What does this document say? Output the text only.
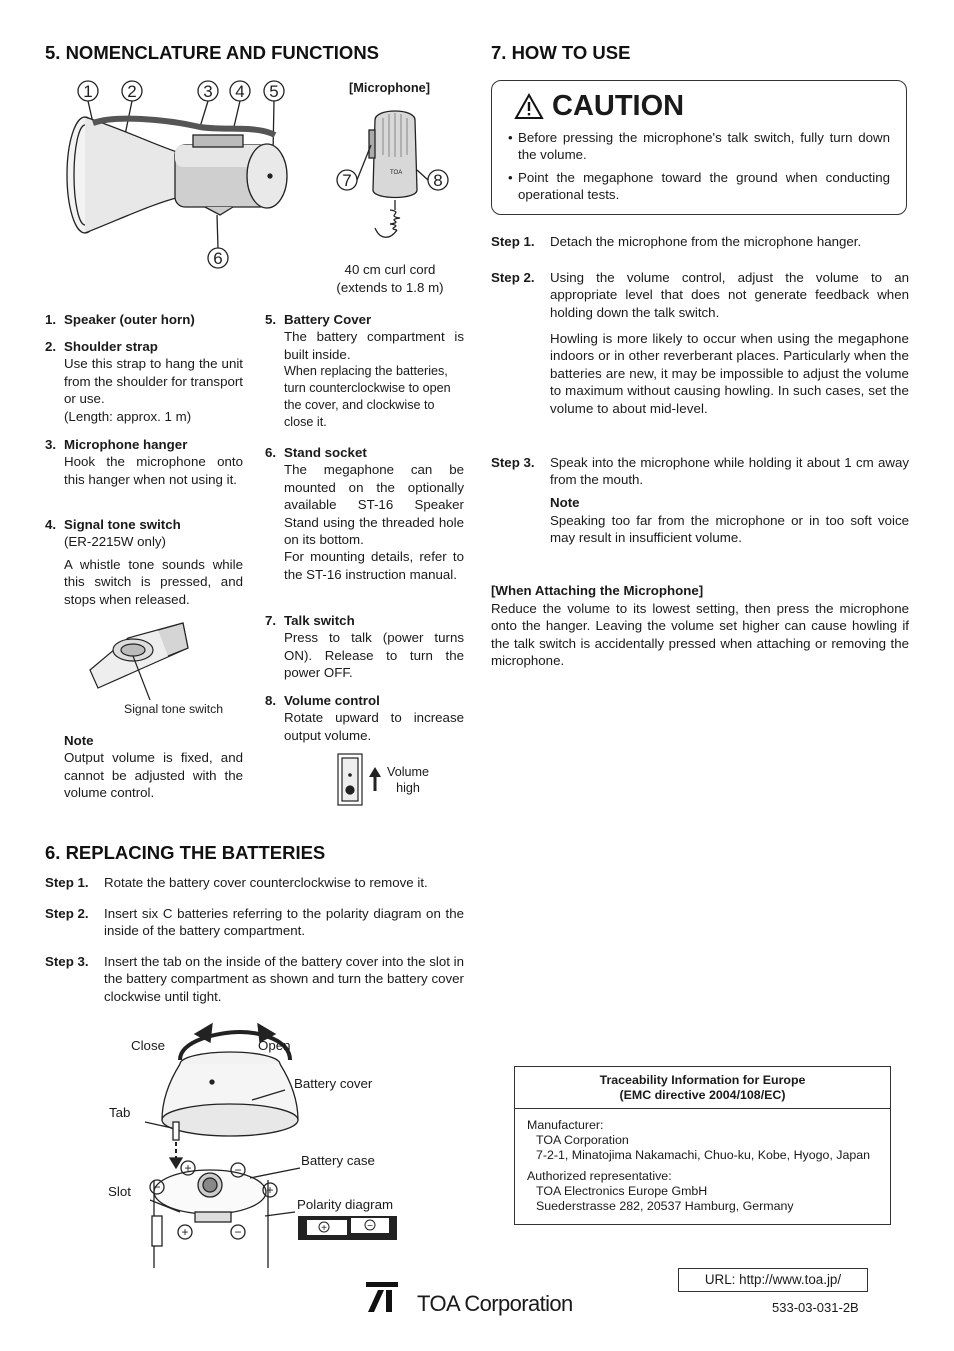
5. NOMENCLATURE AND FUNCTIONS
1 2	3 4 5
6
[Microphone]
7	8
TOA
40 cm curl cord
(extends to 1.8 m)
1. Speaker (outer horn)
2. Shoulder strap
Use this strap to hang the unit from the shoulder for transport or use.
(Length: approx. 1 m)
3. Microphone hanger
Hook the microphone onto this hanger when not using it.
4. Signal tone switch
(ER-2215W only)
A whistle tone sounds while this switch is pressed, and stops when released.
Signal tone switch
Note
Output volume is fixed, and cannot be adjusted with the volume control.
5. Battery Cover
The battery compartment is built inside.
When replacing the batteries, turn counterclockwise to open the cover, and clockwise to close it.
6. Stand socket
The megaphone can be mounted on the optionally available ST-16 Speaker Stand using the threaded hole on its bottom.
For mounting details, refer to the ST-16 instruction manual.
7. Talk switch
Press to talk (power turns ON). Release to turn the power OFF.
8. Volume control
Rotate upward to increase output volume.
Volume
high
6. REPLACING THE BATTERIES
Step 1. Rotate the battery cover counterclockwise to remove it.
Step 2. Insert six C batteries referring to the polarity diagram on the inside of the battery compartment.
Step 3. Insert the tab on the inside of the battery cover into the slot in the battery compartment as shown and turn the battery cover clockwise until tight.
+	−
−	+
+	−
Close	Open
Battery cover
Tab
Battery case
Slot
Polarity diagram
+	−
7. HOW TO USE
CAUTION
• Before pressing the microphone's talk switch, fully turn down the volume.
• Point the megaphone toward the ground when conducting operational tests.
Step 1. Detach the microphone from the microphone hanger.
Step 2. Using the volume control, adjust the volume to an appropriate level that does not generate feedback when holding down the talk switch.
Howling is more likely to occur when using the megaphone indoors or in other reverberant places. Particularly when the batteries are new, it may be impossible to adjust the volume to maximum without causing howling. In such cases, set the volume to about mid-level.
Step 3. Speak into the microphone while holding it about 1 cm away from the mouth.
Note
Speaking too far from the microphone or in too soft voice may result in insufficient volume.
[When Attaching the Microphone]
Reduce the volume to its lowest setting, then press the microphone onto the hanger. Leaving the volume set higher can cause howling if the talk switch is accidentally pressed when attaching or removing the microphone.
Traceability Information for Europe
(EMC directive 2004/108/EC)
Manufacturer:
TOA Corporation
7-2-1, Minatojima Nakamachi, Chuo-ku, Kobe, Hyogo, Japan
Authorized representative:
TOA Electronics Europe GmbH
Suederstrasse 282, 20537 Hamburg, Germany
URL: http://www.toa.jp/
TOA Corporation	533-03-031-2B
